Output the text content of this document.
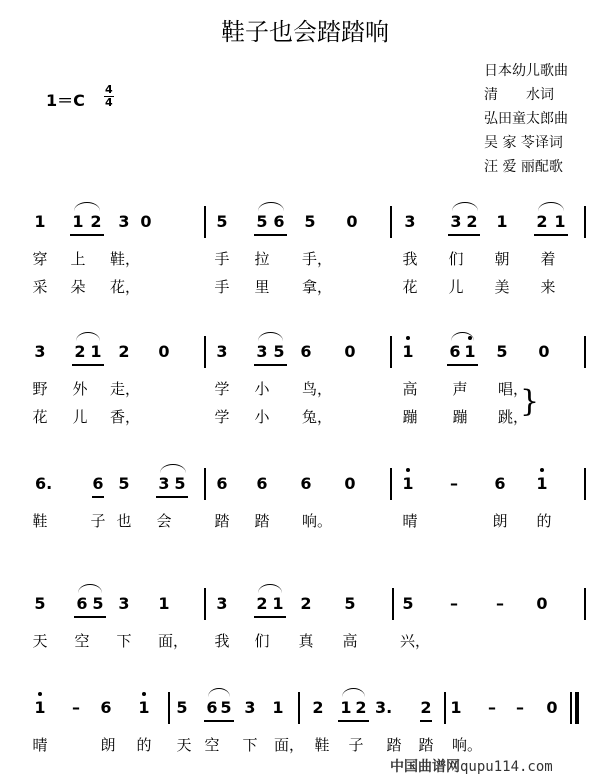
鞋子也会踏踏响
日本幼儿歌曲
清　　水词
弘田童太郎曲
吴 家 苓译词
汪 爱 丽配歌
1＝C
4
4
1 1 2 3 0	5 5 6 5 0	3 3 2 1 2 1
穿 上 鞋，	手 拉 手，	我 们 朝 着
采 朵 花，	手 里 拿，	花 儿 美 来
3 2 1 2 0	3 3 5 6 0	1 6 1 5 0
野 外 走，	学 小 鸟，	高 声 唱，
花 儿 香，	学 小 兔，	蹦 蹦 跳，
6.	6 5 3 5 6 6 6 0	1 – 6 1
鞋	子 也 会	踏 踏 响。	晴	朗 的
5 6 5 3 1	3 2 1 2 5	5 – – 0
天 空 下 面， 我 们 真 高	兴，
1 – 6 1 5 6 5 3 1 2 1 2 3. 2 1 – – 0
晴	朗 的 天 空 下 面， 鞋 子 踏 踏 响。
}
中国曲谱网qupu114.com
